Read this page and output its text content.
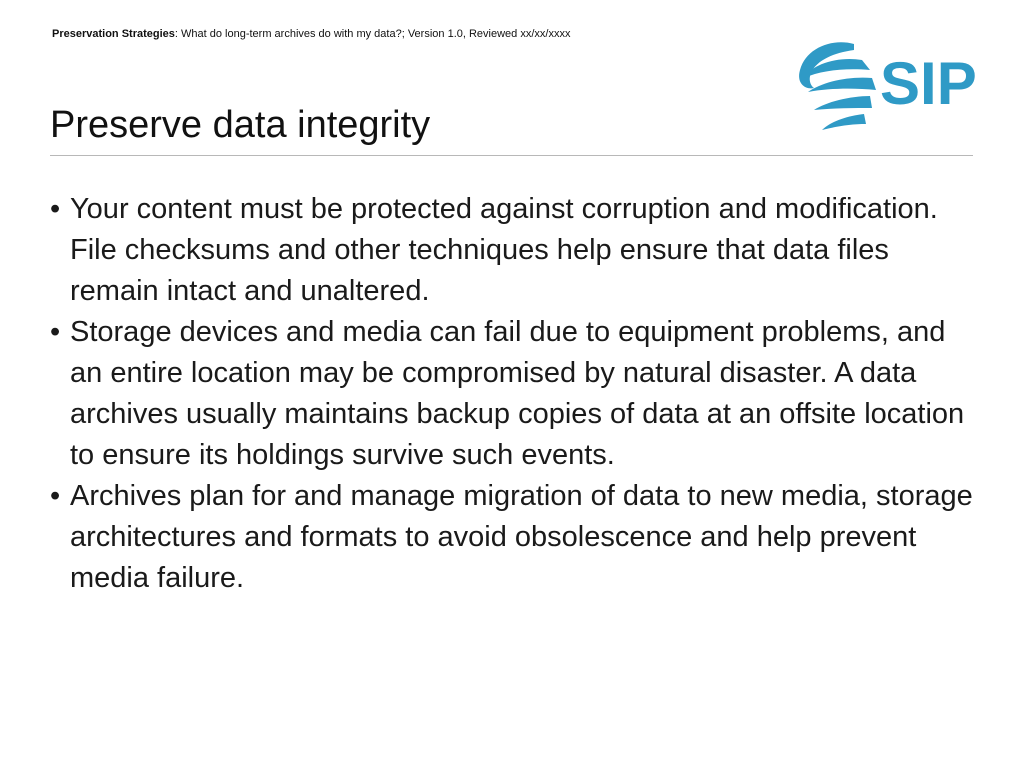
Preservation Strategies: What do long-term archives do with my data?; Version 1.0, Reviewed xx/xx/xxxx
SIP
Preserve data integrity
• Your content must be protected against corruption and modification. File checksums and other techniques help ensure that data files remain intact and unaltered.
• Storage devices and media can fail due to equipment problems, and an entire location may be compromised by natural disaster. A data archives usually maintains backup copies of data at an offsite location to ensure its holdings survive such events.
• Archives plan for and manage migration of data to new media, storage architectures and formats to avoid obsolescence and help prevent media failure.
